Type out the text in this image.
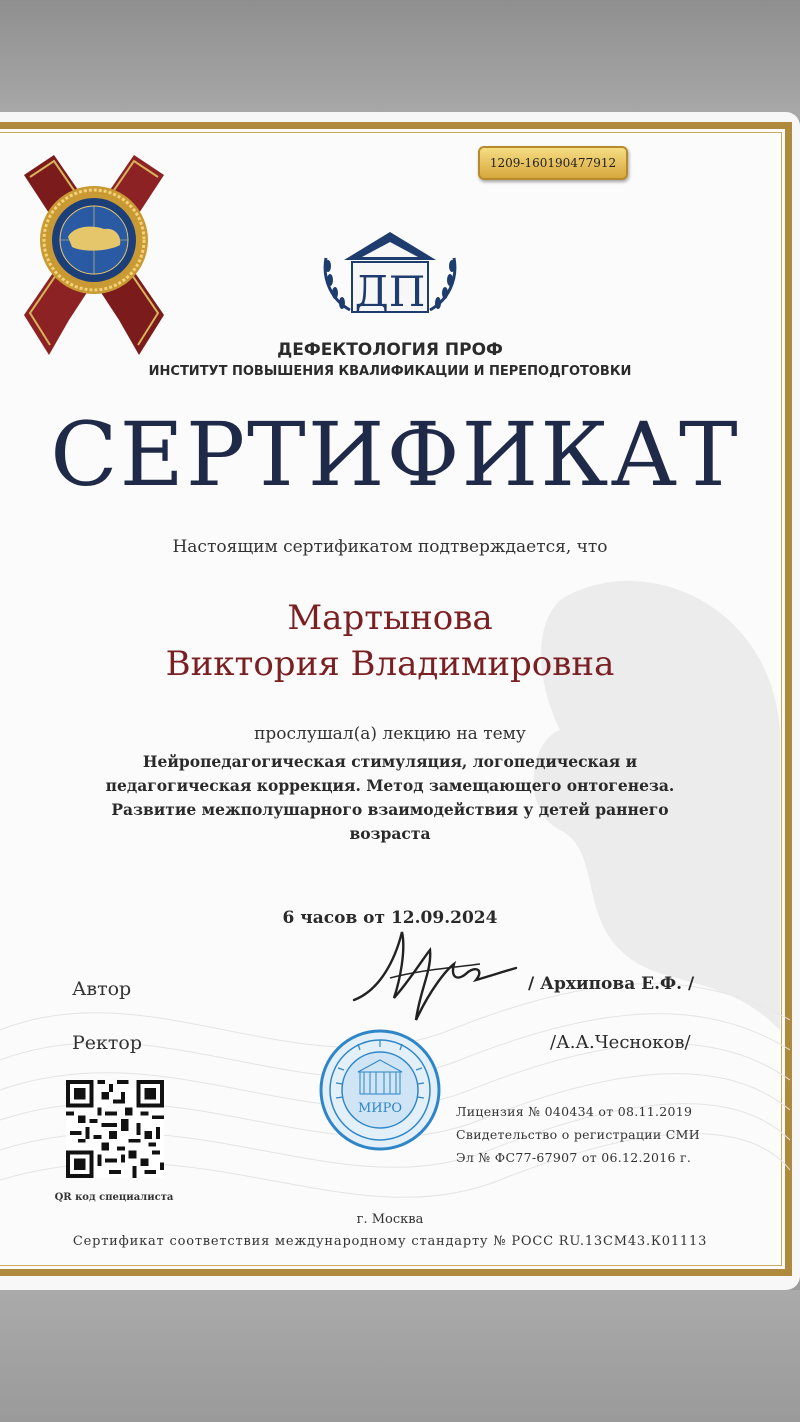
1209-160190477912
ДП
ДЕФЕКТОЛОГИЯ ПРОФ
ИНСТИТУТ ПОВЫШЕНИЯ КВАЛИФИКАЦИИ И ПЕРЕПОДГОТОВКИ
СЕРТИФИКАТ
Настоящим сертификатом подтверждается, что
Мартынова
Виктория Владимировна
прослушал(а) лекцию на тему
Нейропедагогическая стимуляция, логопедическая и
педагогическая коррекция. Метод замещающего онтогенеза.
Развитие межполушарного взаимодействия у детей раннего
возраста
6 часов от 12.09.2024
Автор	/ Архипова Е.Ф. /
Ректор	/А.А.Чесноков/
МИРО
QR код специалиста
Лицензия № 040434 от 08.11.2019
Свидетельство о регистрации СМИ
Эл № ФС77-67907 от 06.12.2016 г.
г. Москва
Сертификат соответствия международному стандарту № РОСС RU.13СМ43.К01113
